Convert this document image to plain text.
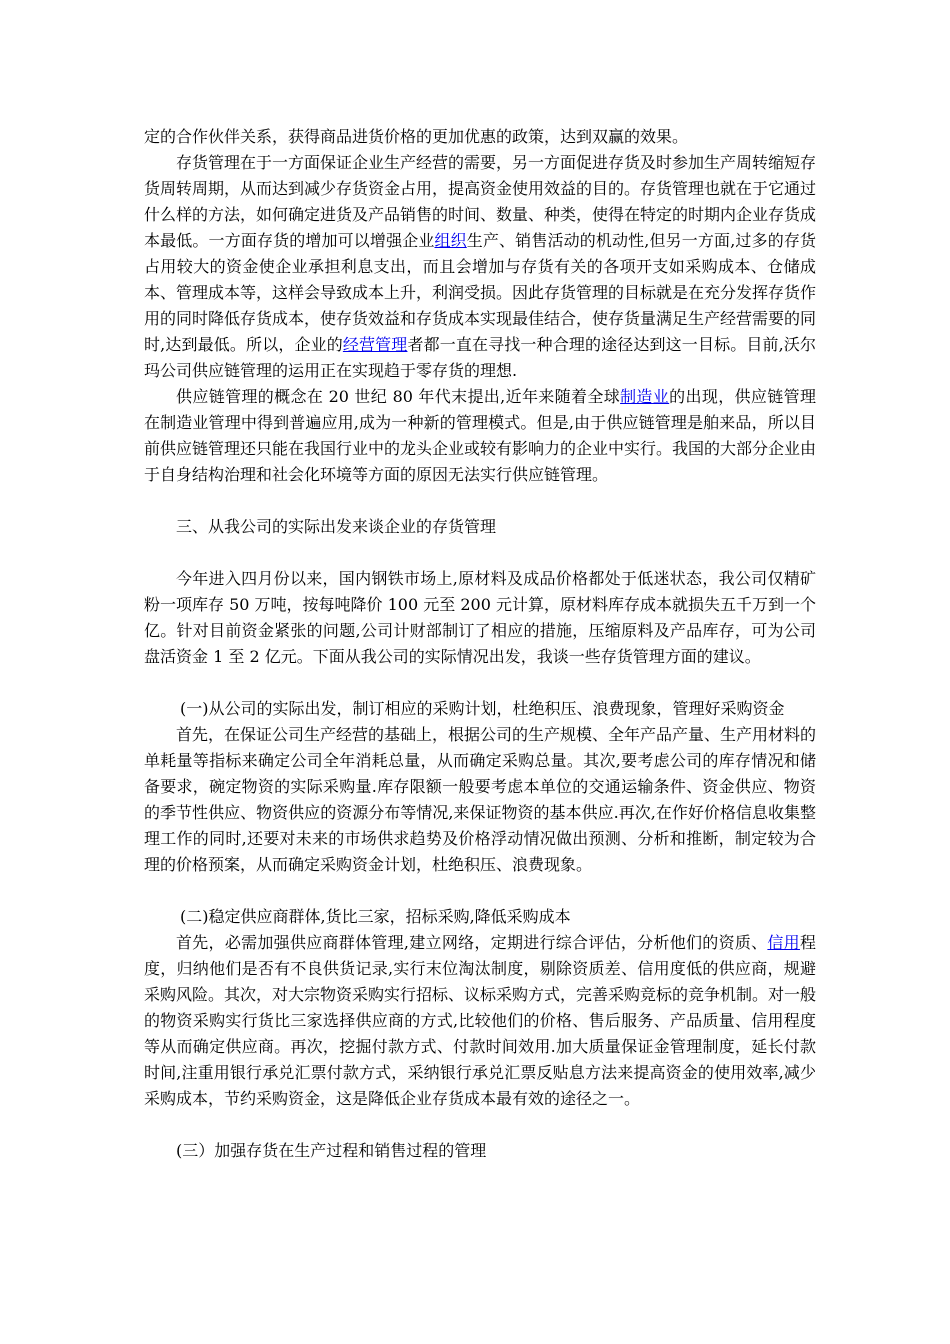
定的合作伙伴关系，获得商品进货价格的更加优惠的政策，达到双赢的效果。

存货管理在于一方面保证企业生产经营的需要，另一方面促进存货及时参加生产周转缩短存货周转周期，从而达到减少存货资金占用，提高资金使用效益的目的。存货管理也就在于它通过什么样的方法，如何确定进货及产品销售的时间、数量、种类，使得在特定的时期内企业存货成本最低。一方面存货的增加可以增强企业组织生产、销售活动的机动性,但另一方面,过多的存货占用较大的资金使企业承担利息支出，而且会增加与存货有关的各项开支如采购成本、仓储成本、管理成本等，这样会导致成本上升，利润受损。因此存货管理的目标就是在充分发挥存货作用的同时降低存货成本，使存货效益和存货成本实现最佳结合，使存货量满足生产经营需要的同时,达到最低。所以，企业的经营管理者都一直在寻找一种合理的途径达到这一目标。目前,沃尔玛公司供应链管理的运用正在实现趋于零存货的理想.

供应链管理的概念在 20 世纪 80 年代末提出,近年来随着全球制造业的出现，供应链管理在制造业管理中得到普遍应用,成为一种新的管理模式。但是,由于供应链管理是舶来品，所以目前供应链管理还只能在我国行业中的龙头企业或较有影响力的企业中实行。我国的大部分企业由于自身结构治理和社会化环境等方面的原因无法实行供应链管理。

三、从我公司的实际出发来谈企业的存货管理

今年进入四月份以来，国内钢铁市场上,原材料及成品价格都处于低迷状态，我公司仅精矿粉一项库存 50 万吨，按每吨降价 100 元至 200 元计算，原材料库存成本就损失五千万到一个亿。针对目前资金紧张的问题,公司计财部制订了相应的措施，压缩原料及产品库存，可为公司盘活资金 1 至 2 亿元。下面从我公司的实际情况出发，我谈一些存货管理方面的建议。

(一)从公司的实际出发，制订相应的采购计划，杜绝积压、浪费现象，管理好采购资金

首先，在保证公司生产经营的基础上，根据公司的生产规模、全年产品产量、生产用材料的单耗量等指标来确定公司全年消耗总量，从而确定采购总量。其次,要考虑公司的库存情况和储备要求，碗定物资的实际采购量.库存限额一般要考虑本单位的交通运输条件、资金供应、物资的季节性供应、物资供应的资源分布等情况,来保证物资的基本供应.再次,在作好价格信息收集整理工作的同时,还要对未来的市场供求趋势及价格浮动情况做出预测、分析和推断，制定较为合理的价格预案，从而确定采购资金计划，杜绝积压、浪费现象。

(二)稳定供应商群体,货比三家，招标采购,降低采购成本

首先，必需加强供应商群体管理,建立网络，定期进行综合评估，分析他们的资质、信用程度，归纳他们是否有不良供货记录,实行末位淘汰制度，剔除资质差、信用度低的供应商，规避采购风险。其次，对大宗物资采购实行招标、议标采购方式，完善采购竞标的竞争机制。对一般的物资采购实行货比三家选择供应商的方式,比较他们的价格、售后服务、产品质量、信用程度等从而确定供应商。再次，挖掘付款方式、付款时间效用.加大质量保证金管理制度，延长付款时间,注重用银行承兑汇票付款方式，采纳银行承兑汇票反贴息方法来提高资金的使用效率,减少采购成本，节约采购资金，这是降低企业存货成本最有效的途径之一。

(三）加强存货在生产过程和销售过程的管理
